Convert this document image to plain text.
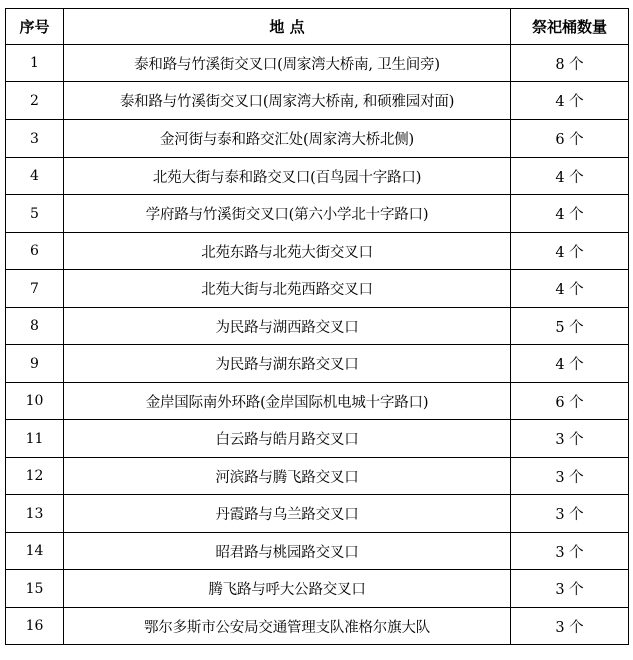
序号	地 点	祭祀桶数量
1	泰和路与竹溪街交叉口(周家湾大桥南, 卫生间旁)	8 个
2	泰和路与竹溪街交叉口(周家湾大桥南, 和硕雅园对面)	4 个
3	金河街与泰和路交汇处(周家湾大桥北侧)	6 个
4	北苑大街与泰和路交叉口(百鸟园十字路口)	4 个
5	学府路与竹溪街交叉口(第六小学北十字路口)	4 个
6	北苑东路与北苑大街交叉口	4 个
7	北苑大街与北苑西路交叉口	4 个
8	为民路与湖西路交叉口	5 个
9	为民路与湖东路交叉口	4 个
10	金岸国际南外环路(金岸国际机电城十字路口)	6 个
11	白云路与皓月路交叉口	3 个
12	河滨路与腾飞路交叉口	3 个
13	丹霞路与乌兰路交叉口	3 个
14	昭君路与桃园路交叉口	3 个
15	腾飞路与呼大公路交叉口	3 个
16	鄂尔多斯市公安局交通管理支队准格尔旗大队	3 个
